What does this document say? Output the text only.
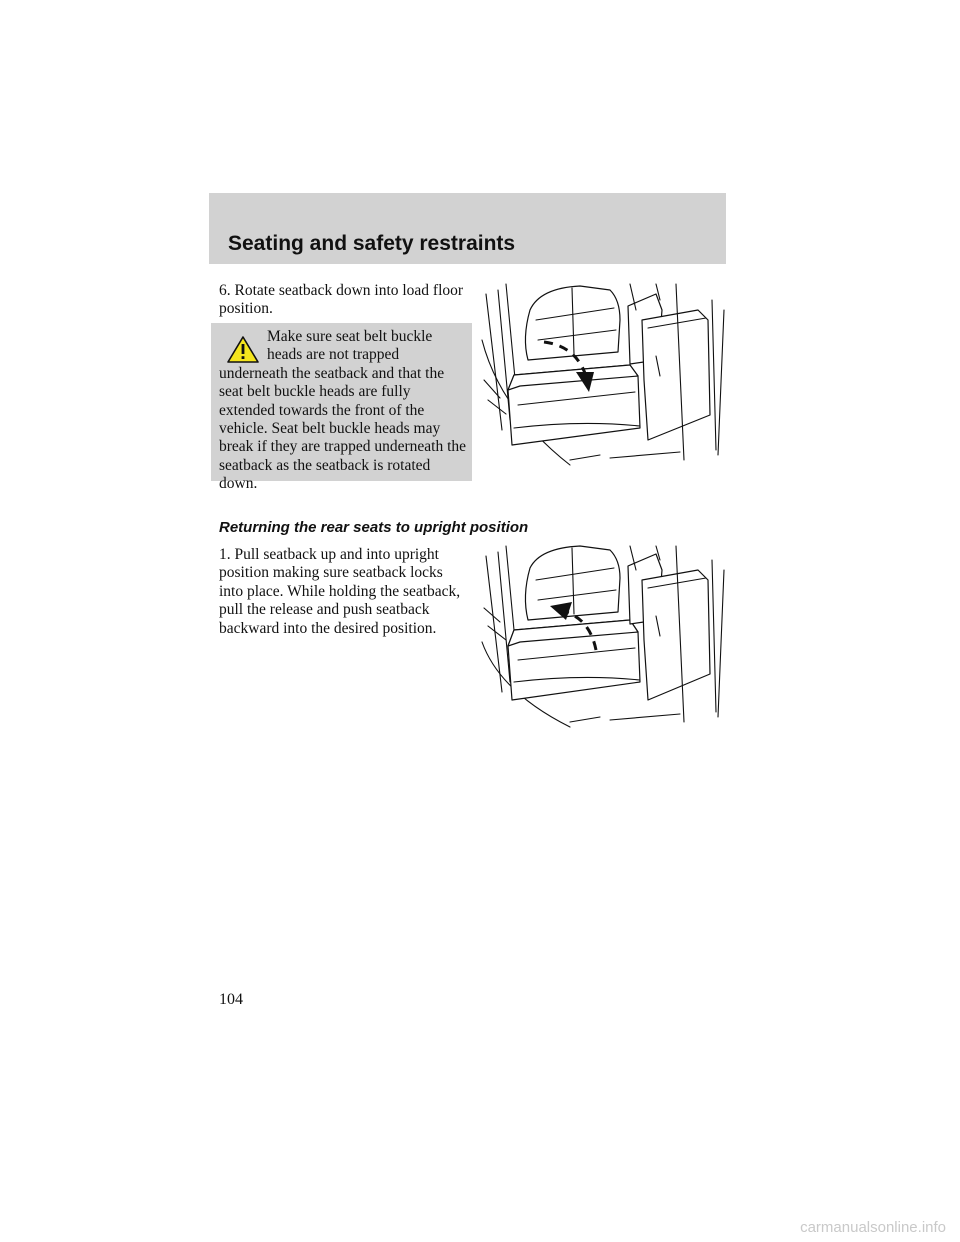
Seating and safety restraints

6. Rotate seatback down into load floor position.

Make sure seat belt buckle heads are not trapped underneath the seatback and that the seat belt buckle heads are fully extended towards the front of the vehicle. Seat belt buckle heads may break if they are trapped underneath the seatback as the seatback is rotated down.

Returning the rear seats to upright position

1. Pull seatback up and into upright position making sure seatback locks into place. While holding the seatback, pull the release and push seatback backward into the desired position.

104

carmanualsonline.info
